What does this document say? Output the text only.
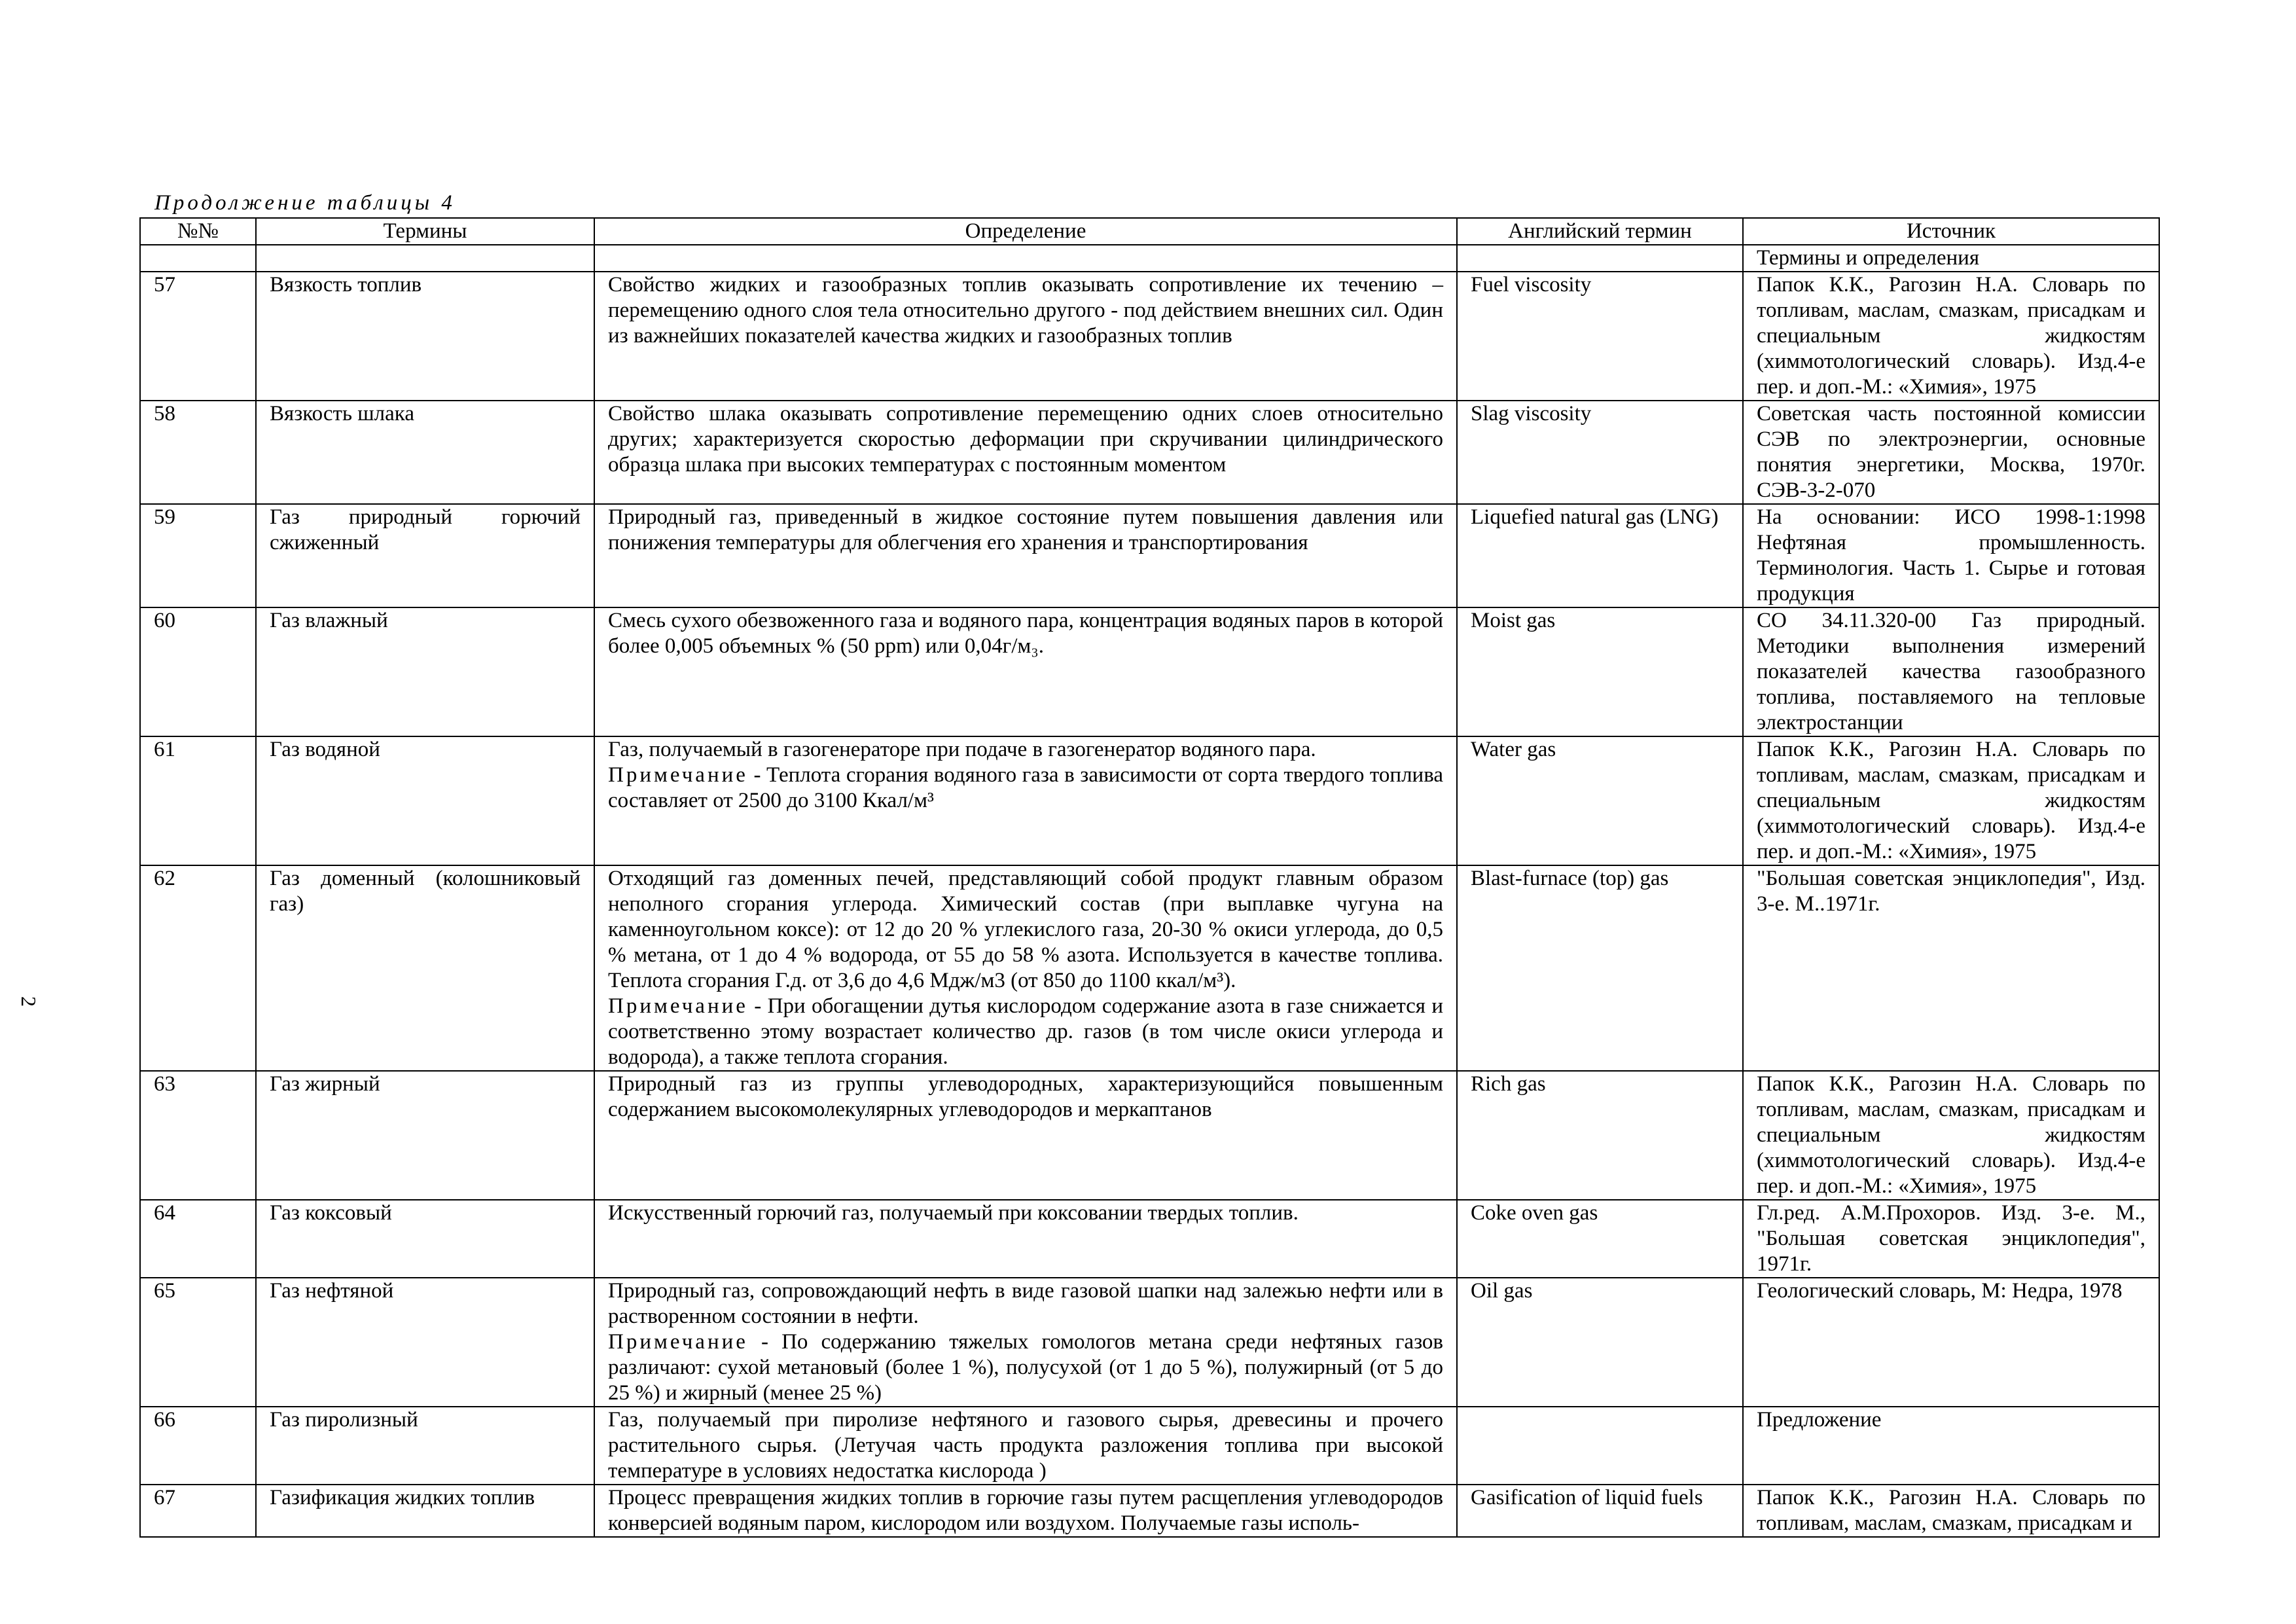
Продолжение таблицы 4
2
№№	Термины	Определение	Английский термин	Источник
				Термины и определения
57	Вязкость топлив	Свойство жидких и газообразных топлив оказывать сопротивление их течению – перемещению одного слоя тела относительно другого - под действием внешних сил. Один из важнейших показателей качества жидких и газообразных топлив	Fuel viscosity	Папок К.К., Рагозин Н.А. Словарь по топливам, маслам, смазкам, присадкам и специальным жидкостям (химмотологический словарь). Изд.4-е пер. и доп.-М.: «Химия», 1975
58	Вязкость шлака	Свойство шлака оказывать сопротивление перемещению одних слоев относительно других; характеризуется скоростью деформации при скручивании цилиндрического образца шлака при высоких температурах с постоянным моментом	Slag viscosity	Советская часть постоянной комиссии СЭВ по электроэнергии, основные понятия энергетики, Москва, 1970г. СЭВ-3-2-070
59	Газ природный горючий сжиженный	Природный газ, приведенный в жидкое состояние путем повышения давления или понижения температуры для облегчения его хранения и транспортирования	Liquefied natural gas (LNG)	На основании: ИСО 1998-1:1998 Нефтяная промышленность. Терминология. Часть 1. Сырье и готовая продукция
60	Газ влажный	Смесь сухого обезвоженного газа и водяного пара, концентрация водяных паров в которой более 0,005 объемных % (50 ppm) или 0,04г/м₃.	Moist gas	СО 34.11.320-00 Газ природный. Методики выполнения измерений показателей качества газообразного топлива, поставляемого на тепловые электростанции
61	Газ водяной	Газ, получаемый в газогенераторе при подаче в газогенератор водяного пара.
Примечание - Теплота сгорания водяного газа в зависимости от сорта твердого топлива составляет от 2500 до 3100 Ккал/м³	Water gas	Папок К.К., Рагозин Н.А. Словарь по топливам, маслам, смазкам, присадкам и специальным жидкостям (химмотологический словарь). Изд.4-е пер. и доп.-М.: «Химия», 1975
62	Газ доменный (колошниковый газ)	Отходящий газ доменных печей, представляющий собой продукт главным образом неполного сгорания углерода. Химический состав (при выплавке чугуна на каменноугольном коксе): от 12 до 20 % углекислого газа, 20-30 % окиси углерода, до 0,5 % метана, от 1 до 4 % водорода, от 55 до 58 % азота. Используется в качестве топлива. Теплота сгорания Г.д. от 3,6 до 4,6 Мдж/м3 (от 850 до 1100 ккал/м³).
Примечание - При обогащении дутья кислородом содержание азота в газе снижается и соответственно этому возрастает количество др. газов (в том числе окиси углерода и водорода), а также теплота сгорания.	Blast-furnace (top) gas	"Большая советская энциклопедия", Изд. 3-е. М..1971г.
63	Газ жирный	Природный газ из группы углеводородных, характеризующийся повышенным содержанием высокомолекулярных углеводородов и меркаптанов	Rich gas	Папок К.К., Рагозин Н.А. Словарь по топливам, маслам, смазкам, присадкам и специальным жидкостям (химмотологический словарь). Изд.4-е пер. и доп.-М.: «Химия», 1975
64	Газ коксовый	Искусственный горючий газ, получаемый при коксовании твердых топлив.	Coke oven gas	Гл.ред. А.М.Прохоров. Изд. 3-е. М., "Большая советская энциклопедия", 1971г.
65	Газ нефтяной	Природный газ, сопровождающий нефть в виде газовой шапки над залежью нефти или в растворенном состоянии в нефти.
Примечание - По содержанию тяжелых гомологов метана среди нефтяных газов различают: сухой метановый (более 1 %), полусухой (от 1 до 5 %), полужирный (от 5 до 25 %) и жирный (менее 25 %)	Oil gas	Геологический словарь, М: Недра, 1978
66	Газ пиролизный	Газ, получаемый при пиролизе нефтяного и газового сырья, древесины и прочего растительного сырья. (Летучая часть продукта разложения топлива при высокой температуре в условиях недостатка кислорода )		Предложение
67	Газификация жидких топлив	Процесс превращения жидких топлив в горючие газы путем расщепления углеводородов конверсией водяным паром, кислородом или воздухом. Получаемые газы исполь-	Gasification of liquid fuels	Папок К.К., Рагозин Н.А. Словарь по топливам, маслам, смазкам, присадкам и
